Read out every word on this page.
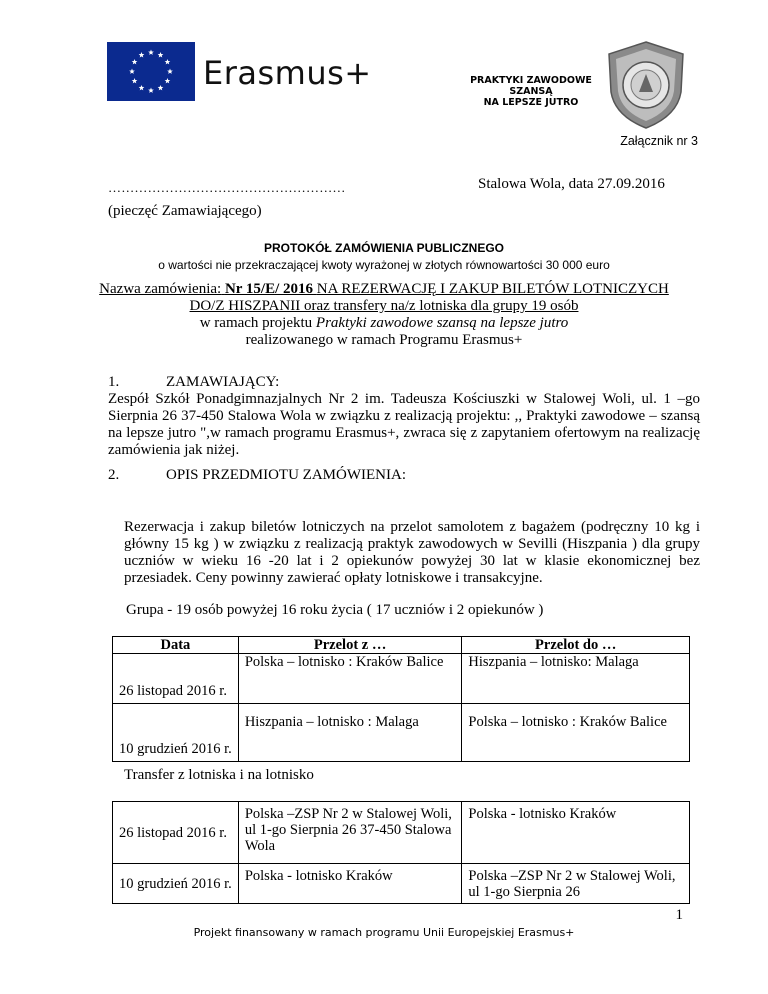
Erasmus+	PRAKTYKI ZAWODOWE
SZANSĄ
NA LEPSZE JUTRO
Załącznik nr 3
………………………………………………	Stalowa Wola, data 27.09.2016
(pieczęć Zamawiającego)
PROTOKÓŁ ZAMÓWIENIA PUBLICZNEGO
o wartości nie przekraczającej kwoty wyrażonej w złotych równowartości 30 000 euro
Nazwa zamówienia: Nr 15/E/ 2016 NA REZERWACJĘ I ZAKUP BILETÓW LOTNICZYCH
DO/Z HISZPANII oraz transfery na/z lotniska dla grupy 19 osób
w ramach projektu Praktyki zawodowe szansą na lepsze jutro
realizowanego w ramach Programu Erasmus+
1.	ZAMAWIAJĄCY:
Zespół Szkół Ponadgimnazjalnych Nr 2 im. Tadeusza Kościuszki w Stalowej Woli, ul. 1 –go Sierpnia 26 37-450 Stalowa Wola w związku z realizacją projektu: ,, Praktyki zawodowe – szansą na lepsze jutro ",w ramach programu Erasmus+, zwraca się z zapytaniem ofertowym na realizację zamówienia jak niżej.
2.	OPIS PRZEDMIOTU ZAMÓWIENIA:
Rezerwacja i zakup biletów lotniczych na przelot samolotem z bagażem (podręczny 10 kg i główny 15 kg ) w związku z realizacją praktyk zawodowych w Sevilli (Hiszpania ) dla grupy uczniów w wieku 16 -20 lat i 2 opiekunów powyżej 30 lat w klasie ekonomicznej bez przesiadek. Ceny powinny zawierać opłaty lotniskowe i transakcyjne.
Grupa - 19 osób powyżej 16 roku życia ( 17 uczniów i 2 opiekunów )
Data	Przelot z …	Przelot do …
26 listopad 2016 r.	Polska – lotnisko : Kraków Balice	Hiszpania – lotnisko: Malaga
10 grudzień 2016 r.	Hiszpania – lotnisko : Malaga	Polska – lotnisko : Kraków Balice
Transfer z lotniska i na lotnisko
26 listopad 2016 r.	Polska –ZSP Nr 2 w Stalowej Woli, ul 1-go Sierpnia 26 37-450 Stalowa Wola	Polska - lotnisko Kraków
10 grudzień 2016 r.	Polska - lotnisko Kraków	Polska –ZSP Nr 2 w Stalowej Woli, ul 1-go Sierpnia 26
1
Projekt finansowany w ramach programu Unii Europejskiej Erasmus+
